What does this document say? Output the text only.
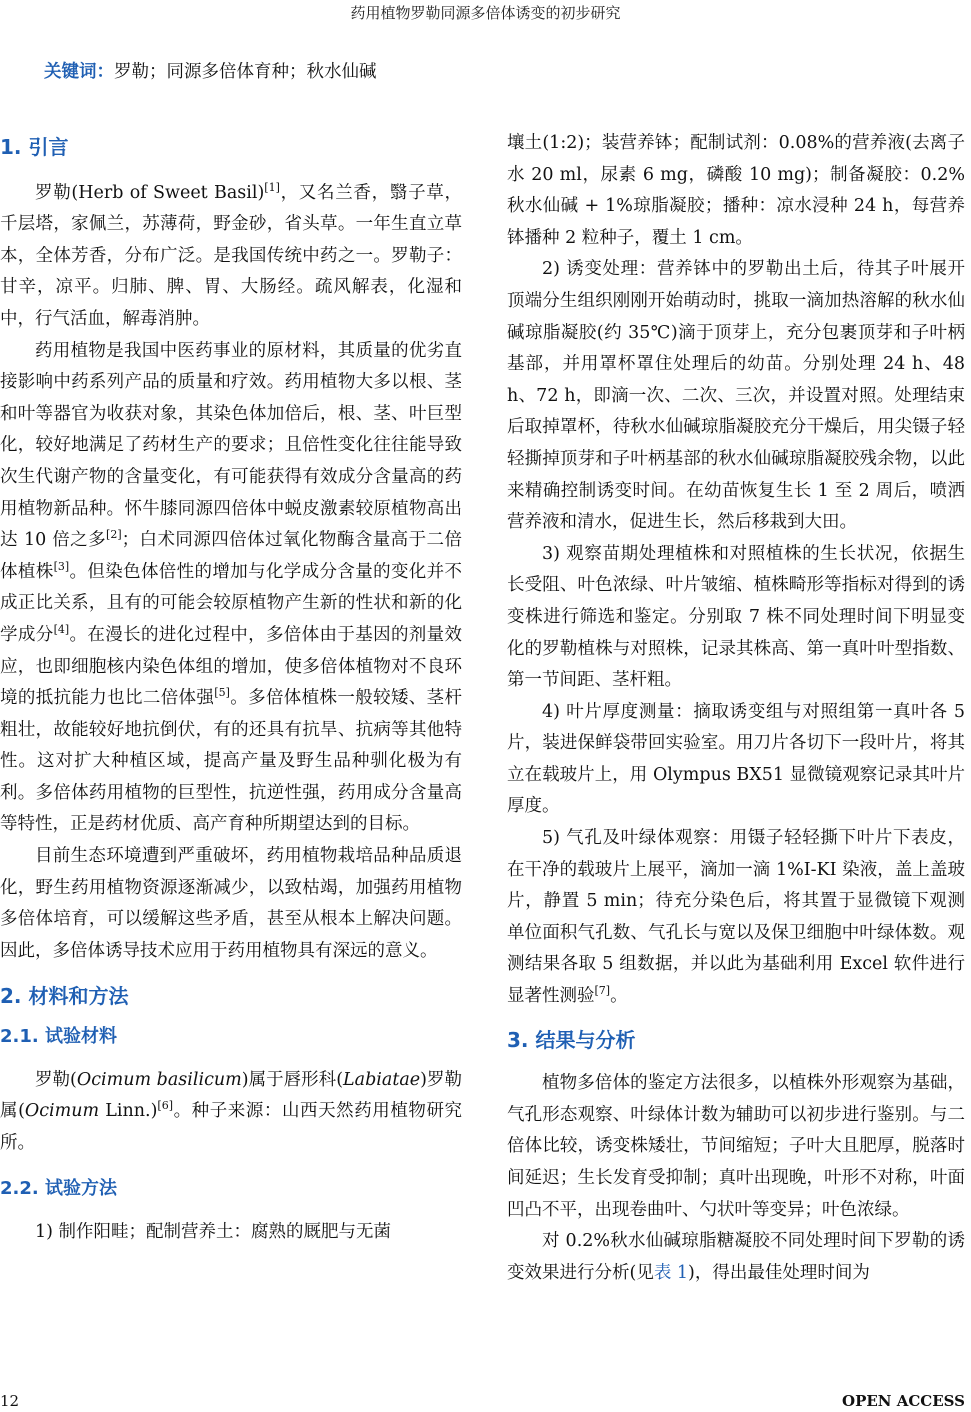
药用植物罗勒同源多倍体诱变的初步研究
关键词：罗勒；同源多倍体育种；秋水仙碱
1. 引言

罗勒(Herb of Sweet Basil)[1]，又名兰香，翳子草，千层塔，家佩兰，苏薄荷，野金砂，省头草。一年生直立草本，全体芳香，分布广泛。是我国传统中药之一。罗勒子：甘辛，凉平。归肺、脾、胃、大肠经。疏风解表，化湿和中，行气活血，解毒消肿。

药用植物是我国中医药事业的原材料，其质量的优劣直接影响中药系列产品的质量和疗效。药用植物大多以根、茎和叶等器官为收获对象，其染色体加倍后，根、茎、叶巨型化，较好地满足了药材生产的要求；且倍性变化往往能导致次生代谢产物的含量变化，有可能获得有效成分含量高的药用植物新品种。怀牛膝同源四倍体中蜕皮激素较原植物高出达 10 倍之多[2]；白术同源四倍体过氧化物酶含量高于二倍体植株[3]。但染色体倍性的增加与化学成分含量的变化并不成正比关系，且有的可能会较原植物产生新的性状和新的化学成分[4]。在漫长的进化过程中，多倍体由于基因的剂量效应，也即细胞核内染色体组的增加，使多倍体植物对不良环境的抵抗能力也比二倍体强[5]。多倍体植株一般较矮、茎杆粗壮，故能较好地抗倒伏，有的还具有抗旱、抗病等其他特性。这对扩大种植区域，提高产量及野生品种驯化极为有利。多倍体药用植物的巨型性，抗逆性强，药用成分含量高等特性，正是药材优质、高产育种所期望达到的目标。

目前生态环境遭到严重破坏，药用植物栽培品种品质退化，野生药用植物资源逐渐减少，以致枯竭，加强药用植物多倍体培育，可以缓解这些矛盾，甚至从根本上解决问题。因此，多倍体诱导技术应用于药用植物具有深远的意义。

2. 材料和方法
2.1. 试验材料

罗勒(Ocimum basilicum)属于唇形科(Labiatae)罗勒属(Ocimum Linn.)[6]。种子来源：山西天然药用植物研究所。

2.2. 试验方法

1) 制作阳畦；配制营养土：腐熟的厩肥与无菌

壤土(1:2)；装营养钵；配制试剂：0.08%的营养液(去离子水 20 ml，尿素 6 mg，磷酸 10 mg)；制备凝胶：0.2%秋水仙碱 + 1%琼脂凝胶；播种：凉水浸种 24 h，每营养钵播种 2 粒种子，覆土 1 cm。

2) 诱变处理：营养钵中的罗勒出土后，待其子叶展开顶端分生组织刚刚开始萌动时，挑取一滴加热溶解的秋水仙碱琼脂凝胶(约 35℃)滴于顶芽上，充分包裹顶芽和子叶柄基部，并用罩杯罩住处理后的幼苗。分别处理 24 h、48 h、72 h，即滴一次、二次、三次，并设置对照。处理结束后取掉罩杯，待秋水仙碱琼脂凝胶充分干燥后，用尖镊子轻轻撕掉顶芽和子叶柄基部的秋水仙碱琼脂凝胶残余物，以此来精确控制诱变时间。在幼苗恢复生长 1 至 2 周后，喷洒营养液和清水，促进生长，然后移栽到大田。

3) 观察苗期处理植株和对照植株的生长状况，依据生长受阻、叶色浓绿、叶片皱缩、植株畸形等指标对得到的诱变株进行筛选和鉴定。分别取 7 株不同处理时间下明显变化的罗勒植株与对照株，记录其株高、第一真叶叶型指数、第一节间距、茎杆粗。

4) 叶片厚度测量：摘取诱变组与对照组第一真叶各 5 片，装进保鲜袋带回实验室。用刀片各切下一段叶片，将其立在载玻片上，用 Olympus BX51 显微镜观察记录其叶片厚度。

5) 气孔及叶绿体观察：用镊子轻轻撕下叶片下表皮，在干净的载玻片上展平，滴加一滴 1%I-KI 染液，盖上盖玻片，静置 5 min；待充分染色后，将其置于显微镜下观测单位面积气孔数、气孔长与宽以及保卫细胞中叶绿体数。观测结果各取 5 组数据，并以此为基础利用 Excel 软件进行显著性测验[7]。

3. 结果与分析

植物多倍体的鉴定方法很多，以植株外形观察为基础，气孔形态观察、叶绿体计数为辅助可以初步进行鉴别。与二倍体比较，诱变株矮壮，节间缩短；子叶大且肥厚，脱落时间延迟；生长发育受抑制；真叶出现晚，叶形不对称，叶面凹凸不平，出现卷曲叶、勺状叶等变异；叶色浓绿。

对 0.2%秋水仙碱琼脂糖凝胶不同处理时间下罗勒的诱变效果进行分析(见表 1)，得出最佳处理时间为

12	OPEN ACCESS
